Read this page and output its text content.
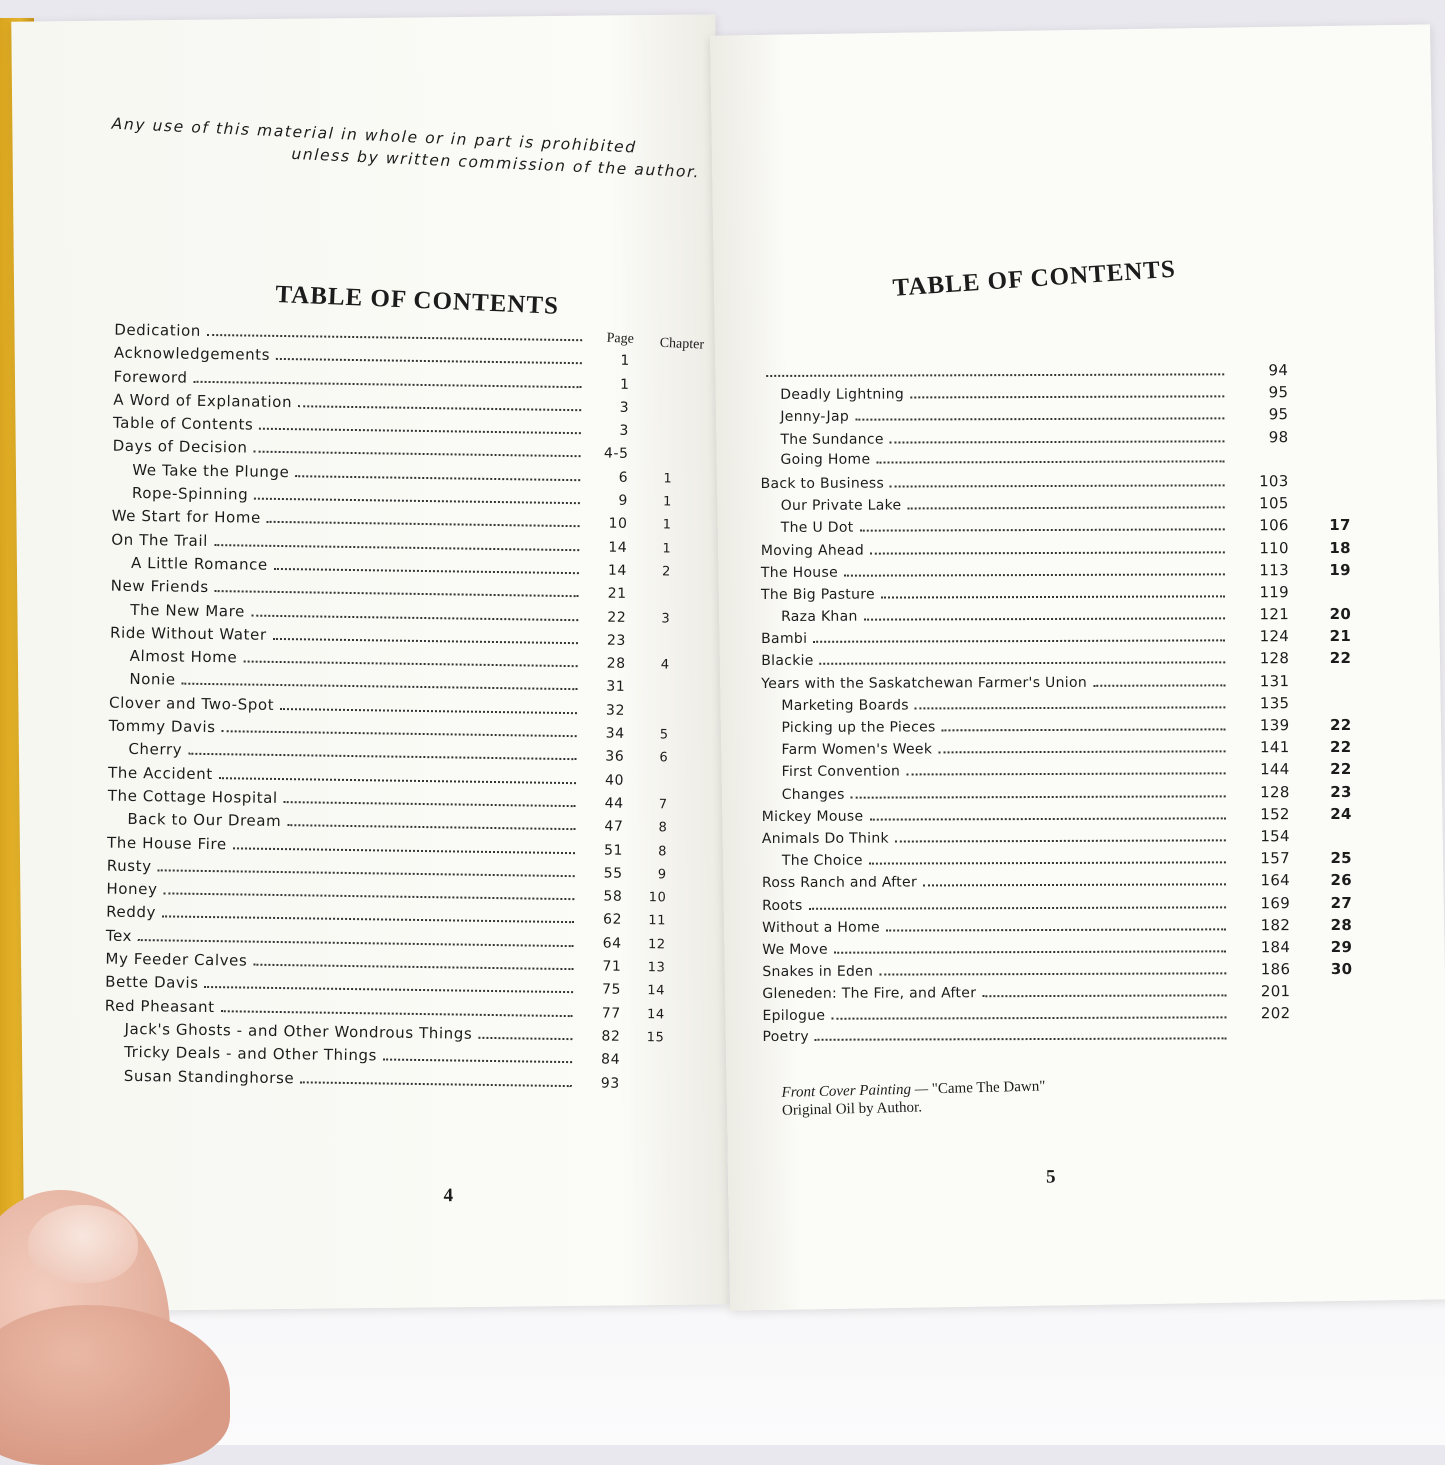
Any use of this material in whole or in part is prohibited
unless by written commission of the author.
TABLE OF CONTENTS
Page Chapter
Dedication
Acknowledgements	1
Foreword	1
A Word of Explanation	3
Table of Contents	3
Days of Decision	4-5
We Take the Plunge	6	1
Rope-Spinning	9	1
We Start for Home	10	1
On The Trail	14	1
A Little Romance	14	2
New Friends	21
The New Mare	22	3
Ride Without Water	23
Almost Home	28	4
Nonie	31
Clover and Two-Spot	32
Tommy Davis	34	5
Cherry	36	6
The Accident	40
The Cottage Hospital	44	7
Back to Our Dream	47	8
The House Fire	51	8
Rusty	55	9
Honey	58	10
Reddy	62	11
Tex	64	12
My Feeder Calves	71	13
Bette Davis	75	14
Red Pheasant	77	14
Jack's Ghosts - and Other Wondrous Things	82	15
Tricky Deals - and Other Things	84
Susan Standinghorse	93
4
TABLE OF CONTENTS
94
Deadly Lightning	95
Jenny-Jap	95
The Sundance	98
Going Home
Back to Business	103
Our Private Lake	105
The U Dot	106	17
Moving Ahead	110	18
The House	113	19
The Big Pasture	119
Raza Khan	121	20
Bambi	124	21
Blackie	128	22
Years with the Saskatchewan Farmer's Union	131
Marketing Boards	135
Picking up the Pieces	139	22
Farm Women's Week	141	22
First Convention	144	22
Changes	128	23
Mickey Mouse	152	24
Animals Do Think	154
The Choice	157	25
Ross Ranch and After	164	26
Roots	169	27
Without a Home	182	28
We Move	184	29
Snakes in Eden	186	30
Gleneden: The Fire, and After	201
Epilogue	202
Poetry
Front Cover Painting — "Came The Dawn"
Original Oil by Author.
5
